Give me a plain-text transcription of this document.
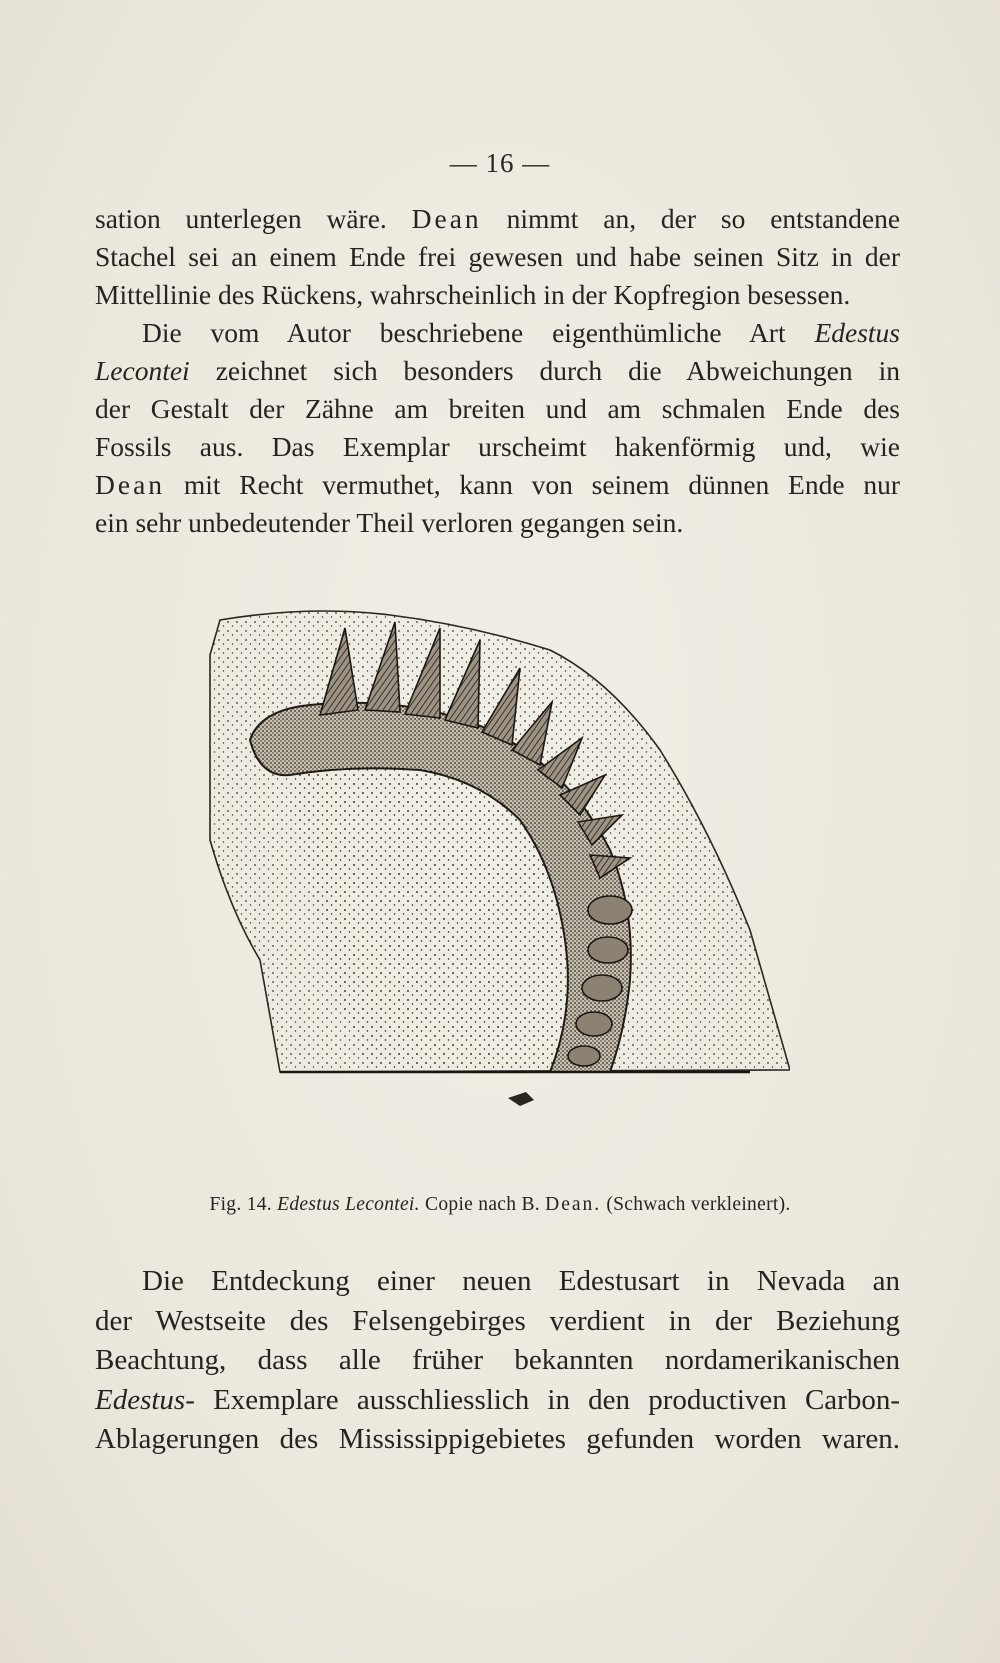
— 16 —
sation unterlegen wäre. Dean nimmt an, der so entstandene
Stachel sei an einem Ende frei gewesen und habe seinen Sitz in der
Mittellinie des Rückens, wahrscheinlich in der Kopfregion besessen.
Die vom Autor beschriebene eigenthümliche Art Edestus
Lecontei zeichnet sich besonders durch die Abweichungen in
der Gestalt der Zähne am breiten und am schmalen Ende des
Fossils aus. Das Exemplar urscheimt hakenförmig und, wie
Dean mit Recht vermuthet, kann von seinem dünnen Ende nur
ein sehr unbedeutender Theil verloren gegangen sein.
Fig. 14. Edestus Lecontei. Copie nach B. Dean. (Schwach verkleinert).
Die Entdeckung einer neuen Edestusart in Nevada an
der Westseite des Felsengebirges verdient in der Beziehung
Beachtung, dass alle früher bekannten nordamerikanischen
Edestus- Exemplare ausschliesslich in den productiven Carbon-
Ablagerungen des Mississippigebietes gefunden worden waren.
